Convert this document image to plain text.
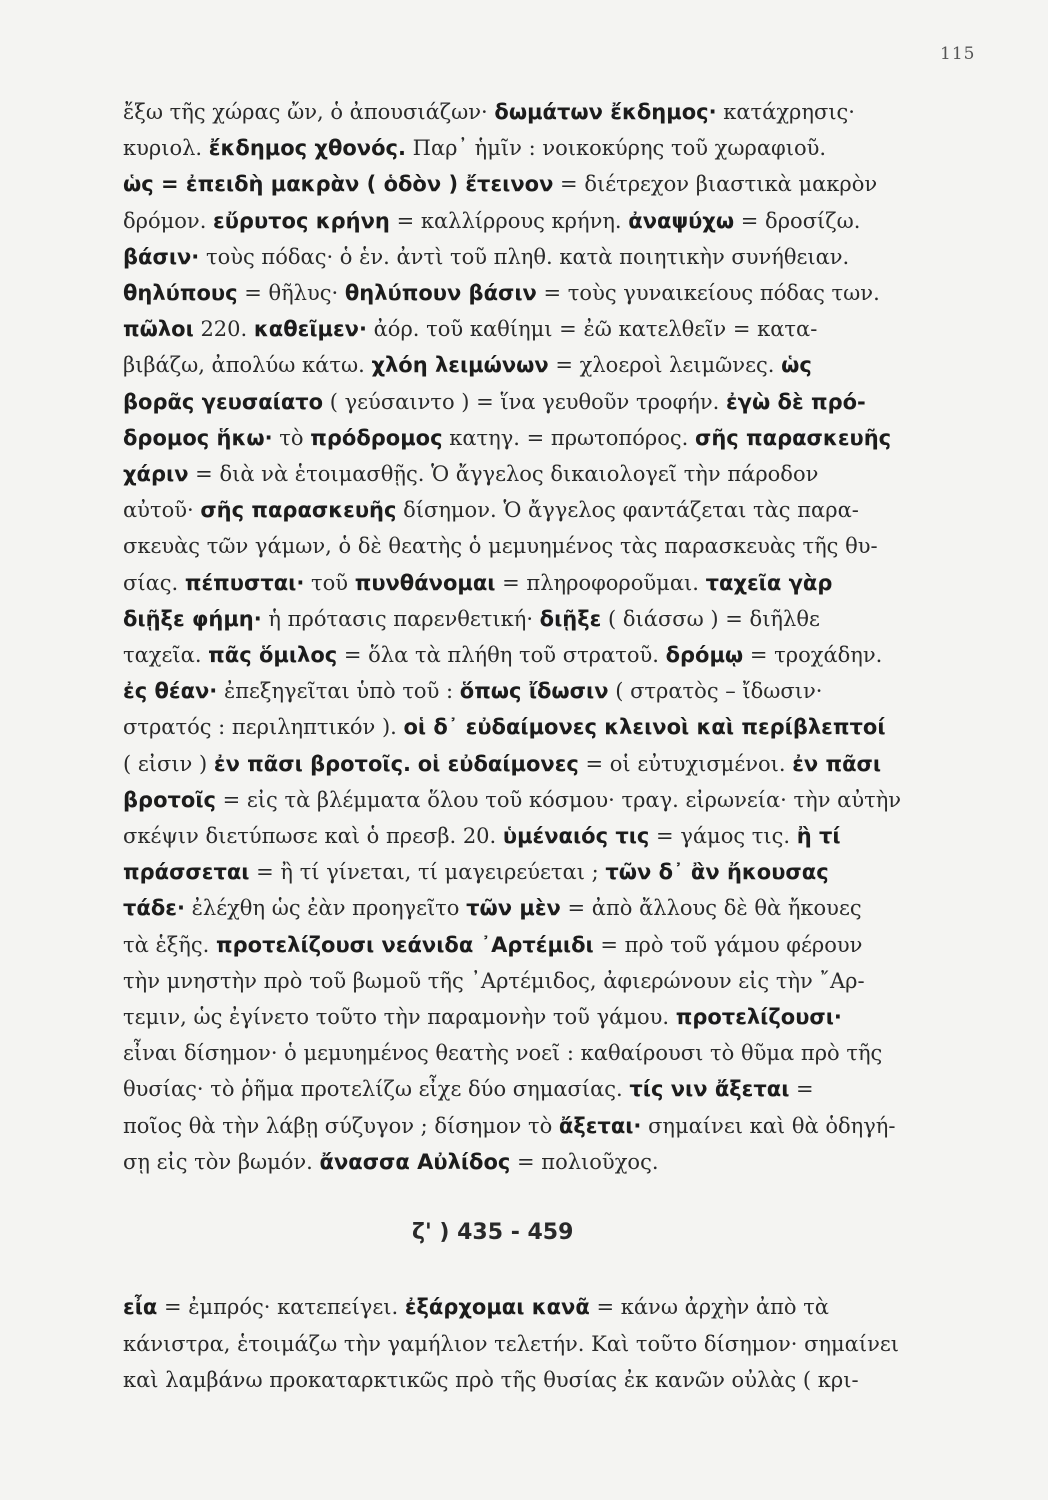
115
ἔξω τῆς χώρας ὤν, ὁ ἀπουσιάζων· δωμάτων ἔκδημος· κατάχρησις·
κυριολ. ἔκδημος χθονός. Παρ᾽ ἡμῖν : νοικοκύρης τοῦ χωραφιοῦ.
ὡς = ἐπειδὴ μακρὰν ( ὁδὸν ) ἔτεινον = διέτρεχον βιαστικὰ μακρὸν
δρόμον. εὔρυτος κρήνη = καλλίρρους κρήνη. ἀναψύχω = δροσίζω.
βάσιν· τοὺς πόδας· ὁ ἑν. ἀντὶ τοῦ πληθ. κατὰ ποιητικὴν συνήθειαν.
θηλύπους = θῆλυς· θηλύπουν βάσιν = τοὺς γυναικείους πόδας των.
πῶλοι 220. καθεῖμεν· ἀόρ. τοῦ καθίημι = ἐῶ κατελθεῖν = κατα-
βιβάζω, ἀπολύω κάτω. χλόη λειμώνων = χλοεροὶ λειμῶνες. ὡς
βορᾶς γευσαίατο ( γεύσαιντο ) = ἵνα γευθοῦν τροφήν. ἐγὼ δὲ πρό-
δρομος ἥκω· τὸ πρόδρομος κατηγ. = πρωτοπόρος. σῆς παρασκευῆς
χάριν = διὰ νὰ ἑτοιμασθῇς. Ὁ ἄγγελος δικαιολογεῖ τὴν πάροδον
αὐτοῦ· σῆς παρασκευῆς δίσημον. Ὁ ἄγγελος φαντάζεται τὰς παρα-
σκευὰς τῶν γάμων, ὁ δὲ θεατὴς ὁ μεμυημένος τὰς παρασκευὰς τῆς θυ-
σίας. πέπυσται· τοῦ πυνθάνομαι = πληροφοροῦμαι. ταχεῖα γὰρ
διῇξε φήμη· ἡ πρότασις παρενθετική· διῇξε ( διάσσω ) = διῆλθε
ταχεῖα. πᾶς ὅμιλος = ὅλα τὰ πλήθη τοῦ στρατοῦ. δρόμῳ = τροχάδην.
ἐς θέαν· ἐπεξηγεῖται ὑπὸ τοῦ : ὅπως ἴδωσιν ( στρατὸς – ἴδωσιν·
στρατός : περιληπτικόν ). οἱ δ᾽ εὐδαίμονες κλεινοὶ καὶ περίβλεπτοί
( εἰσιν ) ἐν πᾶσι βροτοῖς. οἱ εὐδαίμονες = οἱ εὐτυχισμένοι. ἐν πᾶσι
βροτοῖς = εἰς τὰ βλέμματα ὅλου τοῦ κόσμου· τραγ. εἰρωνεία· τὴν αὐτὴν
σκέψιν διετύπωσε καὶ ὁ πρεσβ. 20. ὑμέναιός τις = γάμος τις. ἢ τί
πράσσεται = ἢ τί γίνεται, τί μαγειρεύεται ; τῶν δ᾽ ἂν ἤκουσας
τάδε· ἐλέχθη ὡς ἐὰν προηγεῖτο τῶν μὲν = ἀπὸ ἄλλους δὲ θὰ ἤκουες
τὰ ἑξῆς. προτελίζουσι νεάνιδα ᾿Αρτέμιδι = πρὸ τοῦ γάμου φέρουν
τὴν μνηστὴν πρὸ τοῦ βωμοῦ τῆς ᾿Αρτέμιδος, ἀφιερώνουν εἰς τὴν ῎Αρ-
τεμιν, ὡς ἐγίνετο τοῦτο τὴν παραμονὴν τοῦ γάμου. προτελίζουσι·
εἶναι δίσημον· ὁ μεμυημένος θεατὴς νοεῖ : καθαίρουσι τὸ θῦμα πρὸ τῆς
θυσίας· τὸ ῥῆμα προτελίζω εἶχε δύο σημασίας. τίς νιν ἄξεται =
ποῖος θὰ τὴν λάβῃ σύζυγον ; δίσημον τὸ ἄξεται· σημαίνει καὶ θὰ ὁδηγή-
σῃ εἰς τὸν βωμόν. ἄνασσα Αὐλίδος = πολιοῦχος.
ζ' ) 435 - 459
εἶα = ἐμπρός· κατεπείγει. ἐξάρχομαι κανᾶ = κάνω ἀρχὴν ἀπὸ τὰ
κάνιστρα, ἑτοιμάζω τὴν γαμήλιον τελετήν. Καὶ τοῦτο δίσημον· σημαίνει
καὶ λαμβάνω προκαταρκτικῶς πρὸ τῆς θυσίας ἐκ κανῶν οὐλὰς ( κρι-
